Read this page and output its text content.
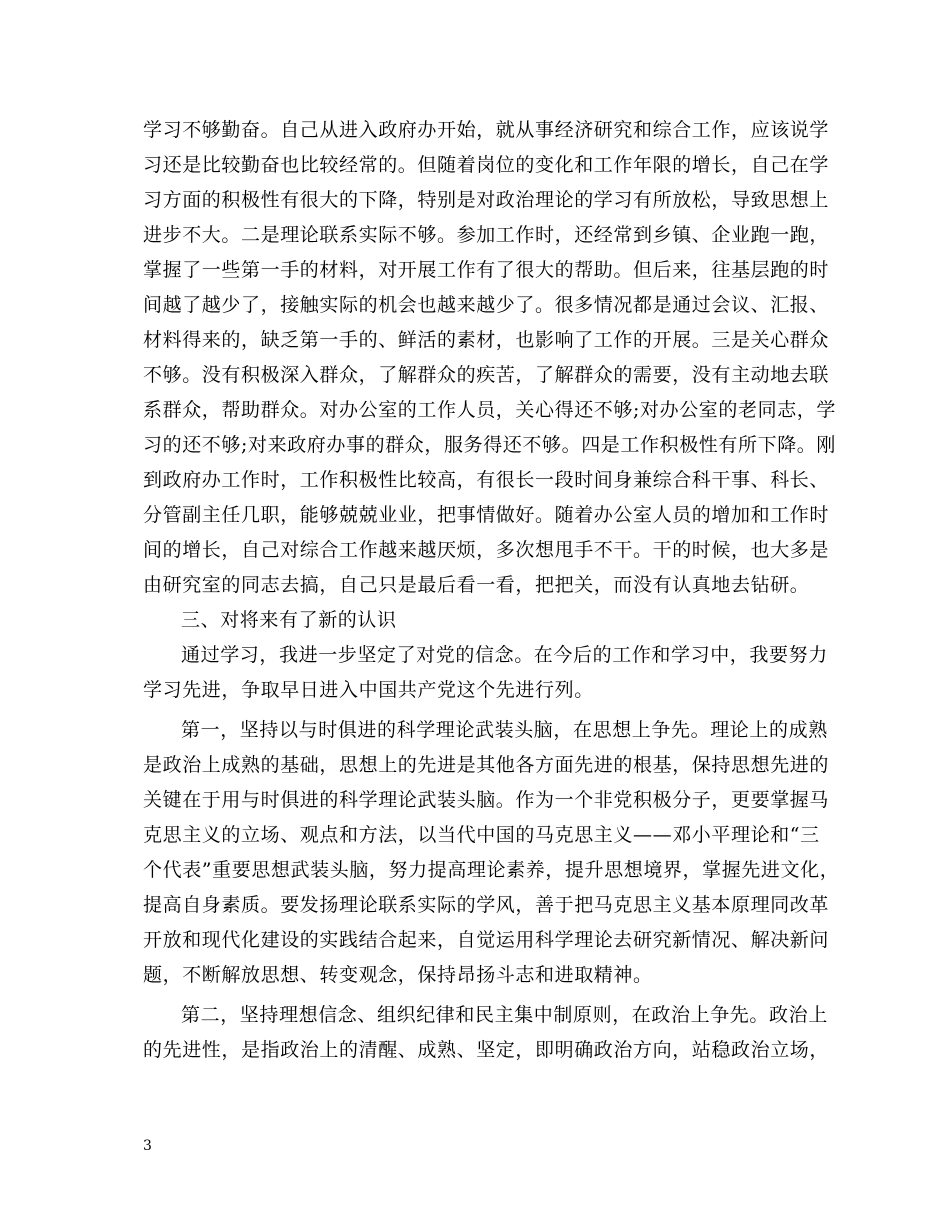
学习不够勤奋。自己从进入政府办开始，就从事经济研究和综合工作，应该说学
习还是比较勤奋也比较经常的。但随着岗位的变化和工作年限的增长，自己在学
习方面的积极性有很大的下降，特别是对政治理论的学习有所放松，导致思想上
进步不大。二是理论联系实际不够。参加工作时，还经常到乡镇、企业跑一跑，
掌握了一些第一手的材料，对开展工作有了很大的帮助。但后来，往基层跑的时
间越了越少了，接触实际的机会也越来越少了。很多情况都是通过会议、汇报、
材料得来的，缺乏第一手的、鲜活的素材，也影响了工作的开展。三是关心群众
不够。没有积极深入群众，了解群众的疾苦，了解群众的需要，没有主动地去联
系群众，帮助群众。对办公室的工作人员，关心得还不够;对办公室的老同志，学
习的还不够;对来政府办事的群众，服务得还不够。四是工作积极性有所下降。刚
到政府办工作时，工作积极性比较高，有很长一段时间身兼综合科干事、科长、
分管副主任几职，能够兢兢业业，把事情做好。随着办公室人员的增加和工作时
间的增长，自己对综合工作越来越厌烦，多次想甩手不干。干的时候，也大多是
由研究室的同志去搞，自己只是最后看一看，把把关，而没有认真地去钻研。
三、对将来有了新的认识
通过学习，我进一步坚定了对党的信念。在今后的工作和学习中，我要努力
学习先进，争取早日进入中国共产党这个先进行列。
第一，坚持以与时俱进的科学理论武装头脑，在思想上争先。理论上的成熟
是政治上成熟的基础，思想上的先进是其他各方面先进的根基，保持思想先进的
关键在于用与时俱进的科学理论武装头脑。作为一个非党积极分子，更要掌握马
克思主义的立场、观点和方法，以当代中国的马克思主义——邓小平理论和“三
个代表”重要思想武装头脑，努力提高理论素养，提升思想境界，掌握先进文化，
提高自身素质。要发扬理论联系实际的学风，善于把马克思主义基本原理同改革
开放和现代化建设的实践结合起来，自觉运用科学理论去研究新情况、解决新问
题，不断解放思想、转变观念，保持昂扬斗志和进取精神。
第二，坚持理想信念、组织纪律和民主集中制原则，在政治上争先。政治上
的先进性，是指政治上的清醒、成熟、坚定，即明确政治方向，站稳政治立场，
3
